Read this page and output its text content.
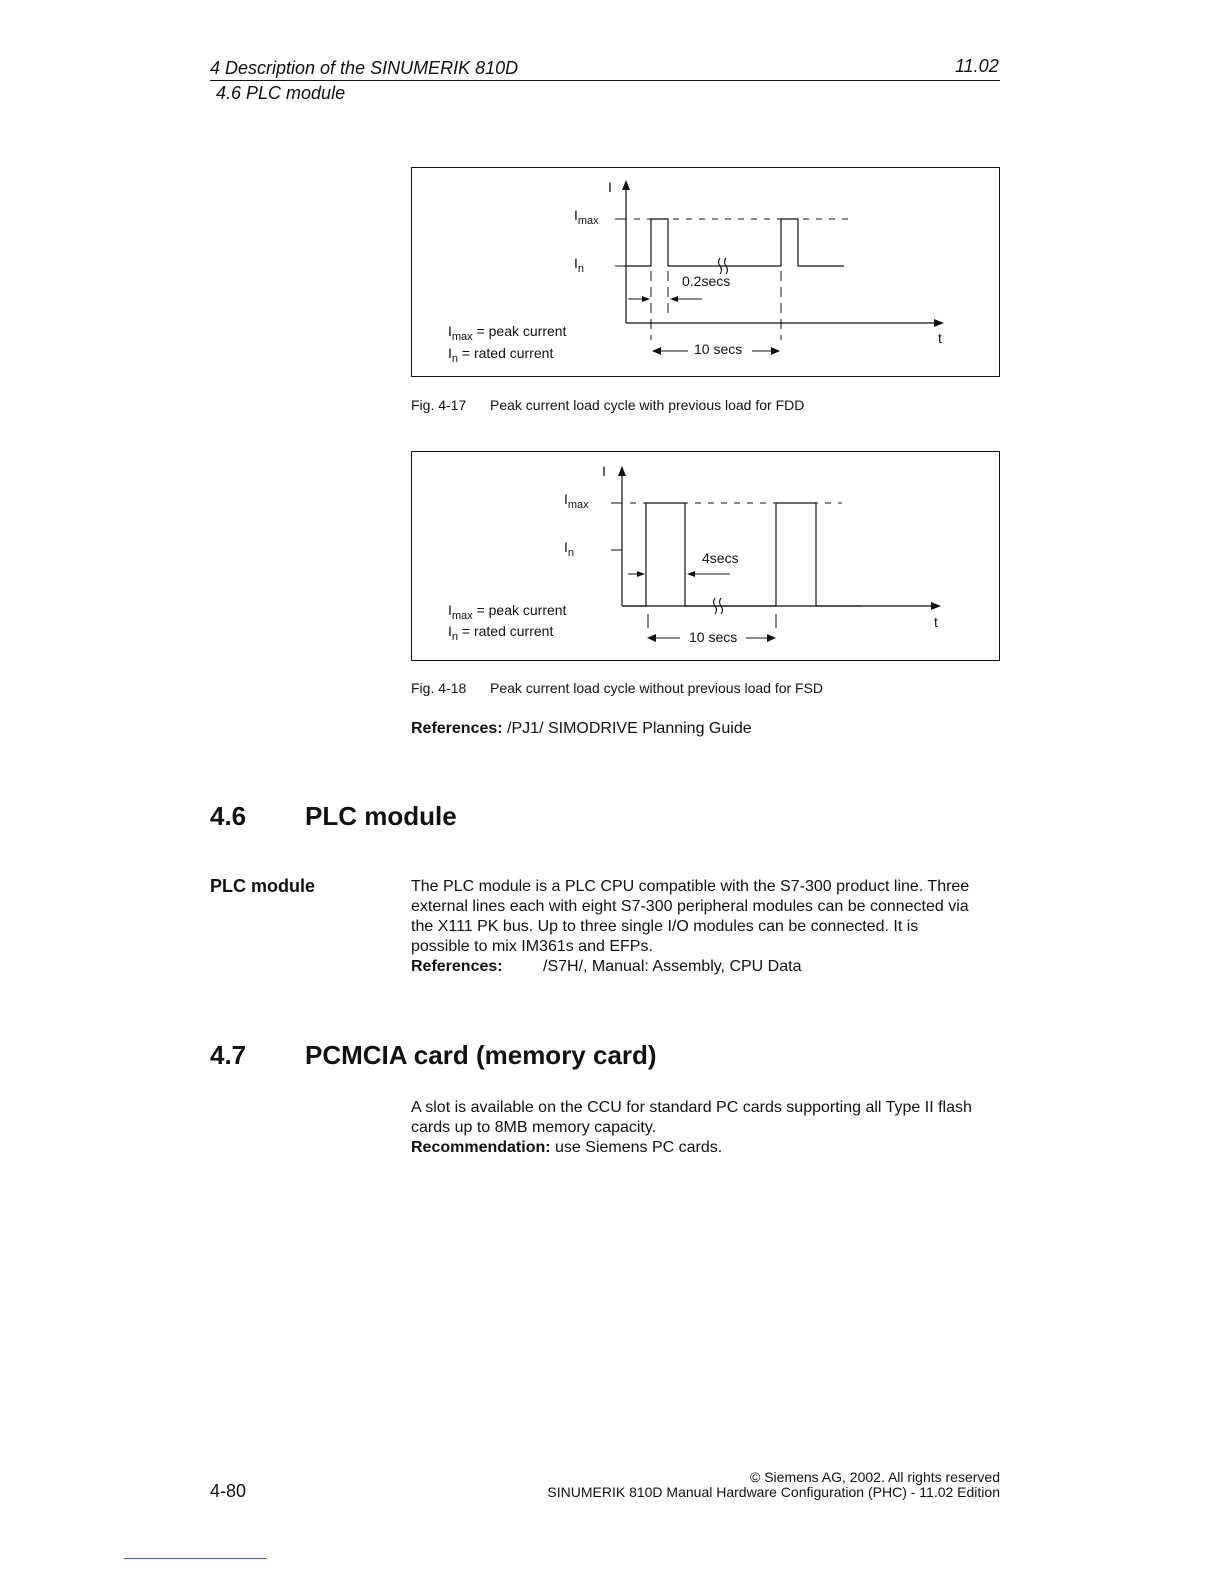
4 Description of the SINUMERIK 810D	11.02
4.6 PLC module
I
t
$I_{max}$
$I_n$
0.2secs
10 secs
$I_{max}$ = peak current
$I_n$ = rated current
Fig. 4-17 Peak current load cycle with previous load for FDD
I
t
$I_{max}$
$I_n$	4secs
10 secs
$I_{max}$ = peak current
$I_n$ = rated current
Fig. 4-18 Peak current load cycle without previous load for FSD
References: /PJ1/ SIMODRIVE Planning Guide
4.6 PLC module
PLC module	The PLC module is a PLC CPU compatible with the S7-300 product line. Three
external lines each with eight S7-300 peripheral modules can be connected via
the X111 PK bus. Up to three single I/O modules can be connected. It is
possible to mix IM361s and EFPs.
References:	/S7H/, Manual: Assembly, CPU Data
4.7 PCMCIA card (memory card)
A slot is available on the CCU for standard PC cards supporting all Type II flash
cards up to 8MB memory capacity.
Recommendation: use Siemens PC cards.
4-80
© Siemens AG, 2002. All rights reserved
SINUMERIK 810D Manual Hardware Configuration (PHC) - 11.02 Edition
